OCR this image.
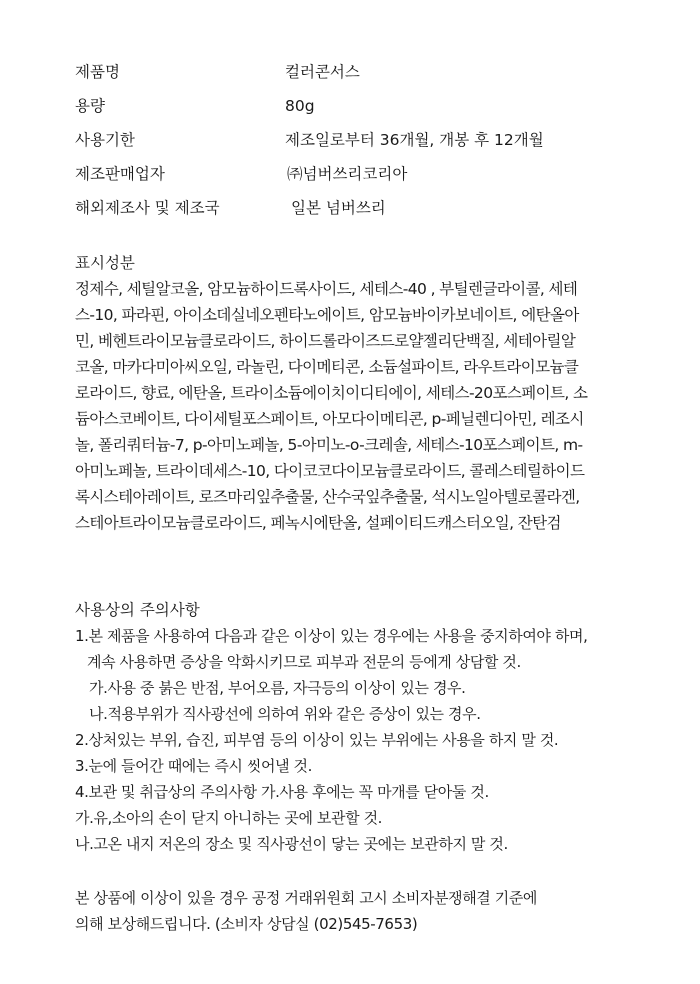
제품명	컬러콘서스
용량	80g
사용기한	제조일로부터 36개월, 개봉 후 12개월
제조판매업자	㈜넘버쓰리코리아
해외제조사 및 제조국	일본 넘버쓰리
표시성분
정제수, 세틸알코올, 암모늄하이드록사이드, 세테스-40 , 부틸렌글라이콜, 세테
스-10, 파라핀, 아이소데실네오펜타노에이트, 암모늄바이카보네이트, 에탄올아
민, 베헨트라이모늄클로라이드, 하이드롤라이즈드로얄젤리단백질, 세테아릴알
코올, 마카다미아씨오일, 라놀린, 다이메티콘, 소듐설파이트, 라우트라이모늄클
로라이드, 향료, 에탄올, 트라이소듐에이치이디티에이, 세테스-20포스페이트, 소
듐아스코베이트, 다이세틸포스페이트, 아모다이메티콘, p-페닐렌디아민, 레조시
놀, 폴리쿼터늄-7, p-아미노페놀, 5-아미노-o-크레솔, 세테스-10포스페이트, m-
아미노페놀, 트라이데세스-10, 다이코코다이모늄클로라이드, 콜레스테릴하이드
록시스테아레이트, 로즈마리잎추출물, 산수국잎추출물, 석시노일아텔로콜라겐,
스테아트라이모늄클로라이드, 페녹시에탄올, 설페이티드캐스터오일, 잔탄검
사용상의 주의사항
1.본 제품을 사용하여 다음과 같은 이상이 있는 경우에는 사용을 중지하여야 하며,
계속 사용하면 증상을 악화시키므로 피부과 전문의 등에게 상담할 것.
가.사용 중 붉은 반점, 부어오름, 자극등의 이상이 있는 경우.
나.적용부위가 직사광선에 의하여 위와 같은 증상이 있는 경우.
2.상처있는 부위, 습진, 피부염 등의 이상이 있는 부위에는 사용을 하지 말 것.
3.눈에 들어간 때에는 즉시 씻어낼 것.
4.보관 및 취급상의 주의사항 가.사용 후에는 꼭 마개를 닫아둘 것.
가.유,소아의 손이 닫지 아니하는 곳에 보관할 것.
나.고온 내지 저온의 장소 및 직사광선이 닿는 곳에는 보관하지 말 것.
본 상품에 이상이 있을 경우 공정 거래위원회 고시 소비자분쟁해결 기준에
의해 보상해드립니다. (소비자 상담실 (02)545-7653)
